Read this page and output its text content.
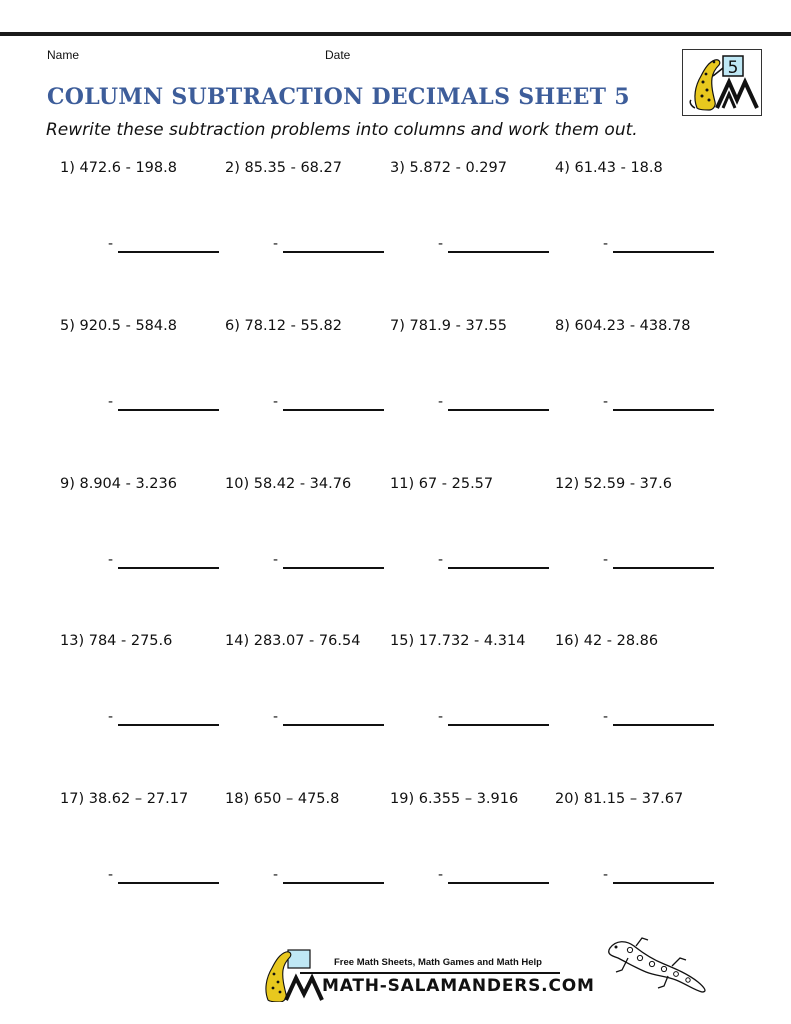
Name	Date
COLUMN SUBTRACTION DECIMALS SHEET 5

Rewrite these subtraction problems into columns and work them out.

5
1) 472.6 - 198.8
-
2) 85.35 - 68.27
-
3) 5.872 - 0.297
-
4) 61.43 - 18.8
-
5) 920.5 - 584.8
-
6) 78.12 - 55.82
-
7) 781.9 - 37.55
-
8) 604.23 - 438.78
-
9) 8.904 - 3.236
-
10) 58.42 - 34.76
-
11) 67 - 25.57
-
12) 52.59 - 37.6
-
13) 784 - 275.6
-
14) 283.07 - 76.54
-
15) 17.732 - 4.314
-
16) 42 - 28.86
-
17) 38.62 – 27.17
-
18) 650 – 475.8
-
19) 6.355 – 3.916
-
20) 81.15 – 37.67
-
Free Math Sheets, Math Games and Math Help
MATH-SALAMANDERS.COM
